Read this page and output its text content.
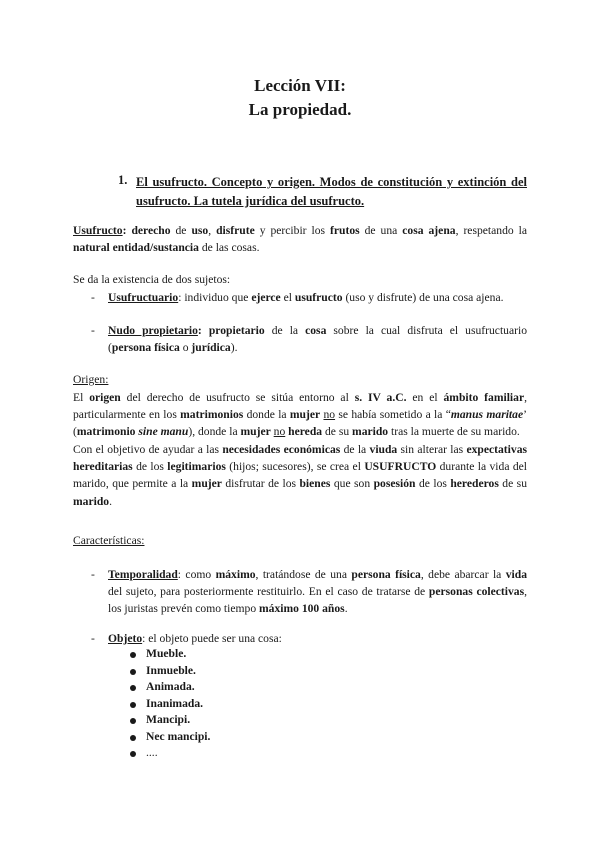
Lección VII:
La propiedad.
1. El usufructo. Concepto y origen. Modos de constitución y extinción del usufructo. La tutela jurídica del usufructo.
Usufructo: derecho de uso, disfrute y percibir los frutos de una cosa ajena, respetando la natural entidad/sustancia de las cosas.
Se da la existencia de dos sujetos:
- Usufructuario: individuo que ejerce el usufructo (uso y disfrute) de una cosa ajena.
- Nudo propietario: propietario de la cosa sobre la cual disfruta el usufructuario (persona física o jurídica).
Origen:
El origen del derecho de usufructo se sitúa entorno al s. IV a.C. en el ámbito familiar, particularmente en los matrimonios donde la mujer no se había sometido a la “manus maritae’ (matrimonio sine manu), donde la mujer no hereda de su marido tras la muerte de su marido.
Con el objetivo de ayudar a las necesidades económicas de la viuda sin alterar las expectativas hereditarias de los legitimarios (hijos; sucesores), se crea el USUFRUCTO durante la vida del marido, que permite a la mujer disfrutar de los bienes que son posesión de los herederos de su marido.
Características:
- Temporalidad: como máximo, tratándose de una persona física, debe abarcar la vida del sujeto, para posteriormente restituirlo. En el caso de tratarse de personas colectivas, los juristas prevén como tiempo máximo 100 años.
- Objeto: el objeto puede ser una cosa:
Mueble.
Inmueble.
Animada.
Inanimada.
Mancipi.
Nec mancipi.
....
